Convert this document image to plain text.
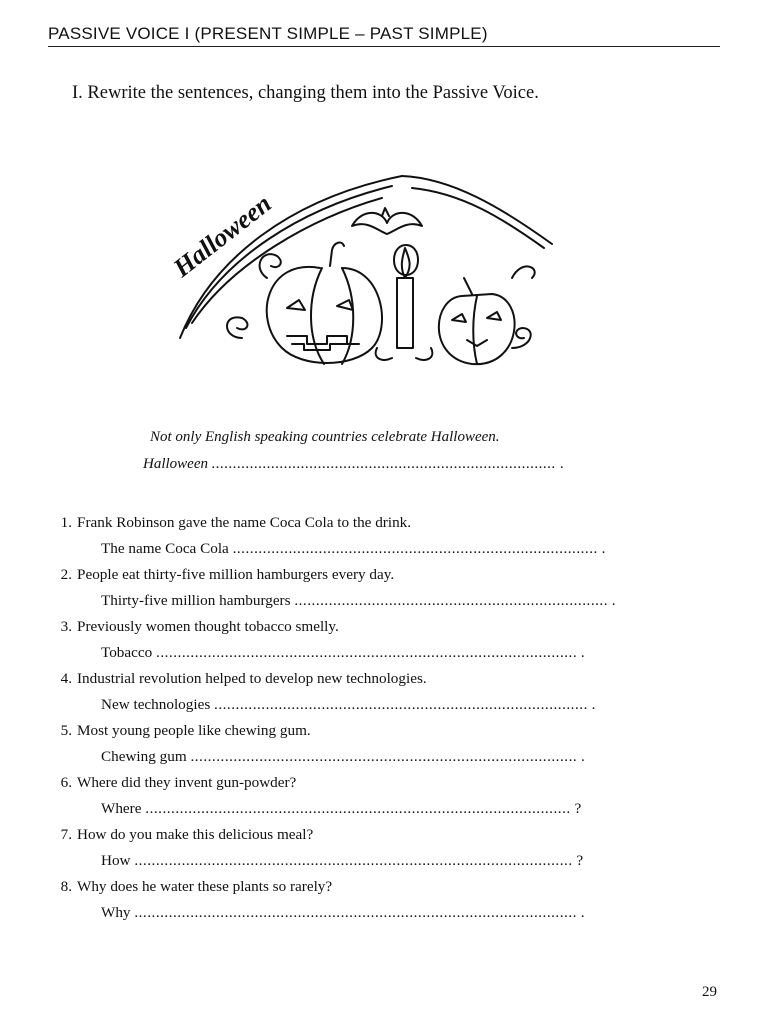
PASSIVE VOICE I (PRESENT SIMPLE – PAST SIMPLE)
I. Rewrite the sentences, changing them into the Passive Voice.
Halloween
Not only English speaking countries celebrate Halloween.
Halloween ................................................................................. .
1. Frank Robinson gave the name Coca Cola to the drink.
The name Coca Cola ..................................................................................... .
2. People eat thirty-five million hamburgers every day.
Thirty-five million hamburgers ......................................................................... .
3. Previously women thought tobacco smelly.
Tobacco .................................................................................................. .
4. Industrial revolution helped to develop new technologies.
New technologies ....................................................................................... .
5. Most young people like chewing gum.
Chewing gum .......................................................................................... .
6. Where did they invent gun-powder?
Where ................................................................................................... ?
7. How do you make this delicious meal?
How ...................................................................................................... ?
8. Why does he water these plants so rarely?
Why ....................................................................................................... .
29
